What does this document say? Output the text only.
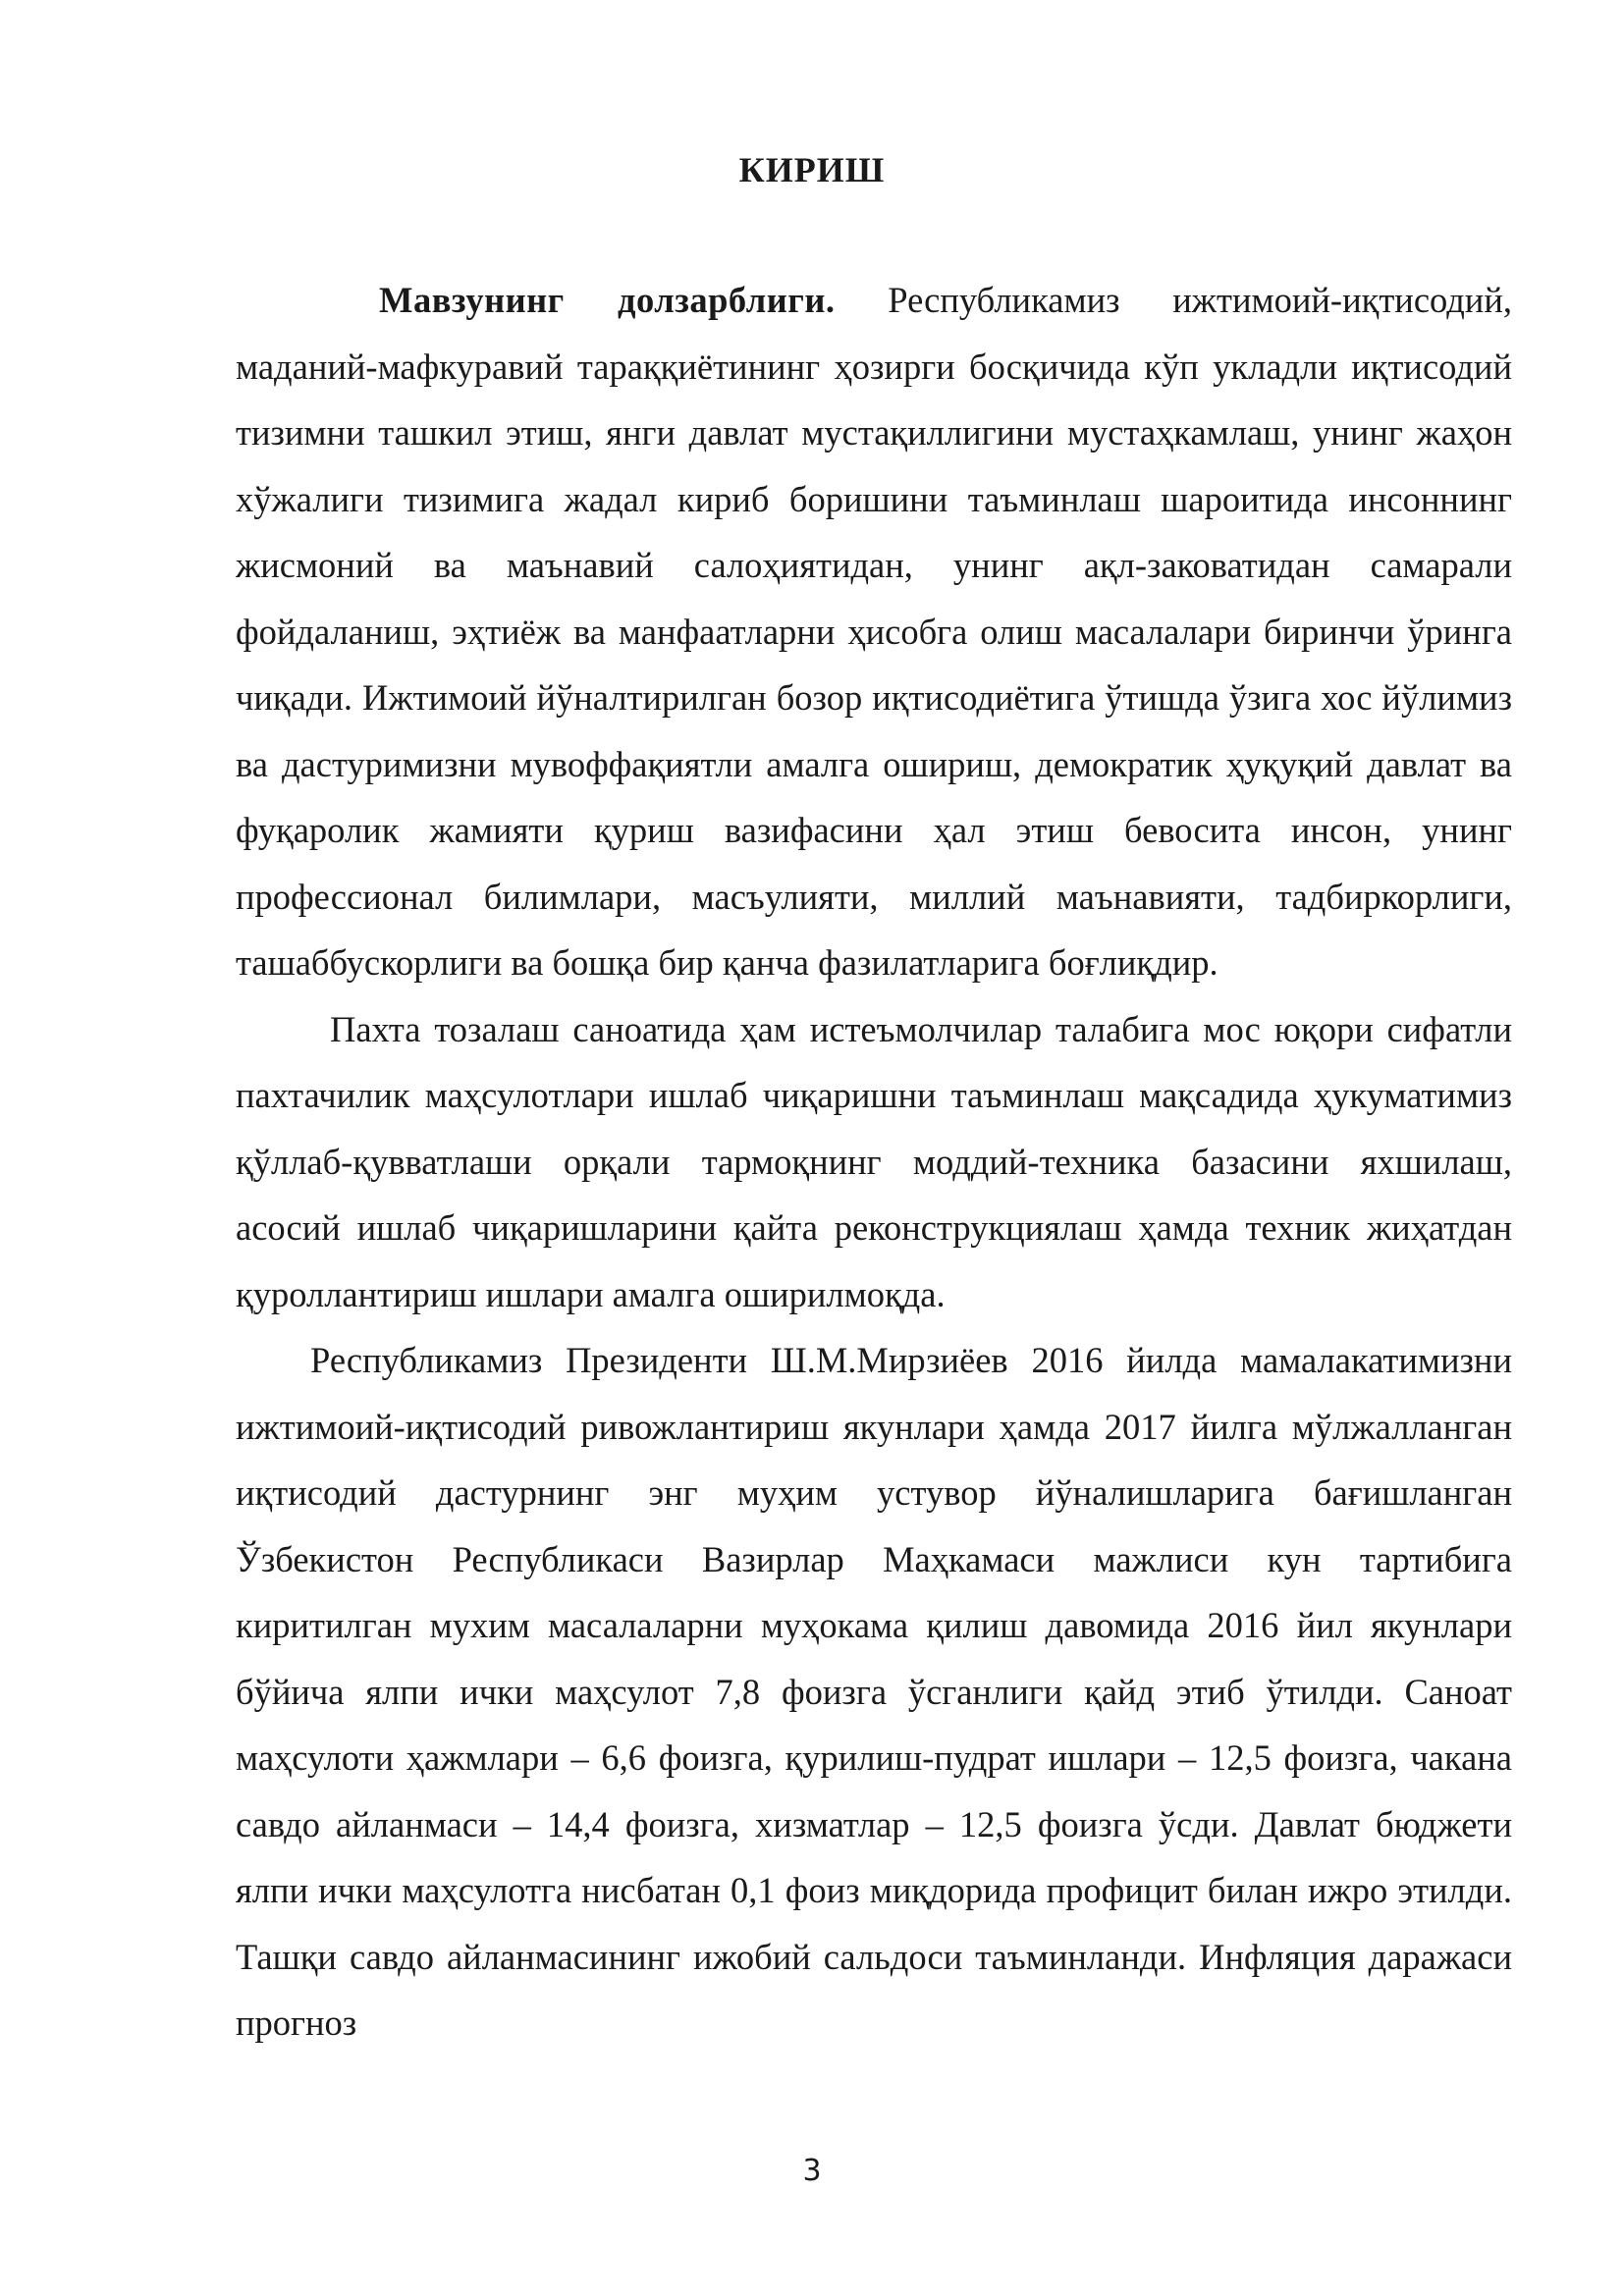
КИРИШ

Мавзунинг долзарблиги. Республикамиз ижтимоий-иқтисодий, маданий-мафкуравий тараққиётининг ҳозирги босқичида кўп укладли иқтисодий тизимни ташкил этиш, янги давлат мустақиллигини мустаҳкамлаш, унинг жаҳон хўжалиги тизимига жадал кириб боришини таъминлаш шароитида инсоннинг жисмоний ва маънавий салоҳиятидан, унинг ақл-заковатидан самарали фойдаланиш, эҳтиёж ва манфаатларни ҳисобга олиш масалалари биринчи ўринга чиқади. Ижтимоий йўналтирилган бозор иқтисодиётига ўтишда ўзига хос йўлимиз ва дастуримизни мувоффақиятли амалга ошириш, демократик ҳуқуқий давлат ва фуқаролик жамияти қуриш вазифасини ҳал этиш бевосита инсон, унинг профессионал билимлари, масъулияти, миллий маънавияти, тадбиркорлиги, ташаббускорлиги ва бошқа бир қанча фазилатларига боғлиқдир.

Пахта тозалаш саноатида ҳам истеъмолчилар талабига мос юқори сифатли пахтачилик маҳсулотлари ишлаб чиқаришни таъминлаш мақсадида ҳукуматимиз қўллаб-қувватлаши орқали тармоқнинг моддий-техника базасини яхшилаш, асосий ишлаб чиқаришларини қайта реконструкциялаш ҳамда техник жиҳатдан қуроллантириш ишлари амалга оширилмоқда.

Республикамиз Президенти Ш.М.Мирзиёев 2016 йилда мамалакатимизни ижтимоий-иқтисодий ривожлантириш якунлари ҳамда 2017 йилга мўлжалланган иқтисодий дастурнинг энг муҳим устувор йўналишларига бағишланган Ўзбекистон Республикаси Вазирлар Маҳкамаси мажлиси кун тартибига киритилган мухим масалаларни муҳокама қилиш давомида 2016 йил якунлари бўйича ялпи ички маҳсулот 7,8 фоизга ўсганлиги қайд этиб ўтилди. Саноат маҳсулоти ҳажмлари – 6,6 фоизга, қурилиш-пудрат ишлари – 12,5 фоизга, чакана савдо айланмаси – 14,4 фоизга, хизматлар – 12,5 фоизга ўсди. Давлат бюджети ялпи ички маҳсулотга нисбатан 0,1 фоиз миқдорида профицит билан ижро этилди. Ташқи савдо айланмасининг ижобий сальдоси таъминланди. Инфляция даражаси прогноз

3
